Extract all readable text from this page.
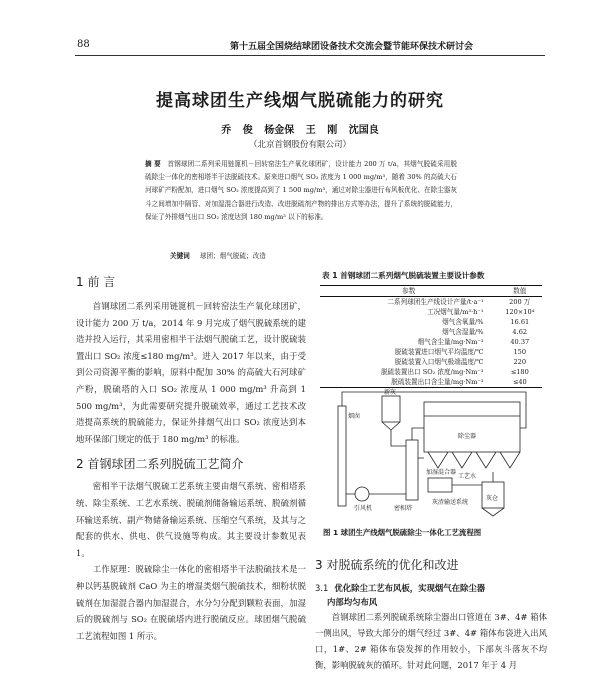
88	第十五届全国烧结球团设备技术交流会暨节能环保技术研讨会
提高球团生产线烟气脱硫能力的研究
乔 俊 杨金保 王 刚 沈国良
（北京首钢股份有限公司）
摘 要 首钢球团二系列采用链篦机－回转窑法生产氧化球团矿，设计能力 200 万 t/a，其烟气脱硫采用脱硫除尘一体化的密相塔半干法脱硫技术。原来进口烟气 SO₂ 浓度为 1 000 mg/m³，随着 30% 的高硫大石河球矿产粉配加，进口烟气 SO₂ 浓度提高到了 1 500 mg/m³，通过对除尘器进行布风板优化、在除尘器灰斗之间增加中隔管、对加湿混合器进行改造、改进脱硫剂产物的排出方式等办法，提升了系统的脱硫能力，保证了外排烟气出口 SO₂ 浓度达到 180 mg/m³ 以下的标准。
关键词 球团；烟气脱硫；改造
1 前 言

首钢球团二系列采用链篦机－回转窑法生产氧化球团矿，设计能力 200 万 t/a，2014 年 9 月完成了烟气脱硫系统的建造并投入运行，其采用密相半干法烟气脱硫工艺，设计脱硫装置出口 SO₂ 浓度≤180 mg/m³。进入 2017 年以来，由于受到公司资源平衡的影响，原料中配加 30% 的高硫大石河球矿产粉，脱硫塔的入口 SO₂ 浓度从 1 000 mg/m³ 升高到 1 500 mg/m³，为此需要研究提升脱硫效率，通过工艺技术改造提高系统的脱硫能力，保证外排烟气出口 SO₂ 浓度达到本地环保部门规定的低于 180 mg/m³ 的标准。

2 首钢球团二系列脱硫工艺简介

密相半干法烟气脱硫工艺系统主要由烟气系统、密相塔系统、除尘系统、工艺水系统、脱硫剂储备输运系统、脱硫剂循环输送系统、副产物储备输运系统、压缩空气系统，及其与之配套的供水、供电、供气设施等构成。其主要设计参数见表 1。

工作原理：脱硫除尘一体化的密相塔半干法脱硫技术是一种以钙基脱硫剂 CaO 为主的增湿类烟气脱硫技术，细粉状脱硫剂在加湿混合器内加湿混合，水分匀分配到颗粒表面，加湿后的脱硫剂与 SO₂ 在脱硫塔内进行脱硫反应。球团烟气脱硫工艺流程如图 1 所示。

表 1 首钢球团二系列烟气脱硫装置主要设计参数
参数	数值
二系列球团生产线设计产量/t·a⁻¹	200 万
工况烟气量/m³·h⁻¹	120×10⁴
烟气含氧量/%	16.61
烟气含湿量/%	4.62
烟气含尘量/mg·Nm⁻³	40.37
脱硫装置进口烟气平均温度/℃	150
脱硫装置入口烟气极端温度/℃	220
脱硫装置出口 SO₂ 浓度/mg·Nm⁻³	≤180
脱硫装置出口含尘量/mg·Nm⁻³	≤40
新灰
烟囱
除尘器
灰仓
加湿混合器
密相塔
灰渣输送系统
工艺水
引风机
图 1 球团生产线烟气脱硫除尘一体化工艺流程图
3 对脱硫系统的优化和改进
3.1 优化除尘工艺布风板，实现烟气在除尘器
内部均匀布风

首钢球团二系列脱硫系统除尘器出口管道在 3#、4# 箱体一侧出风，导致大部分的烟气经过 3#、4# 箱体布袋进入出风口，1#、2# 箱体布袋发挥的作用较小，下部灰斗落灰不均衡，影响脱硫灰的循环。针对此问题，2017 年于 4 月
